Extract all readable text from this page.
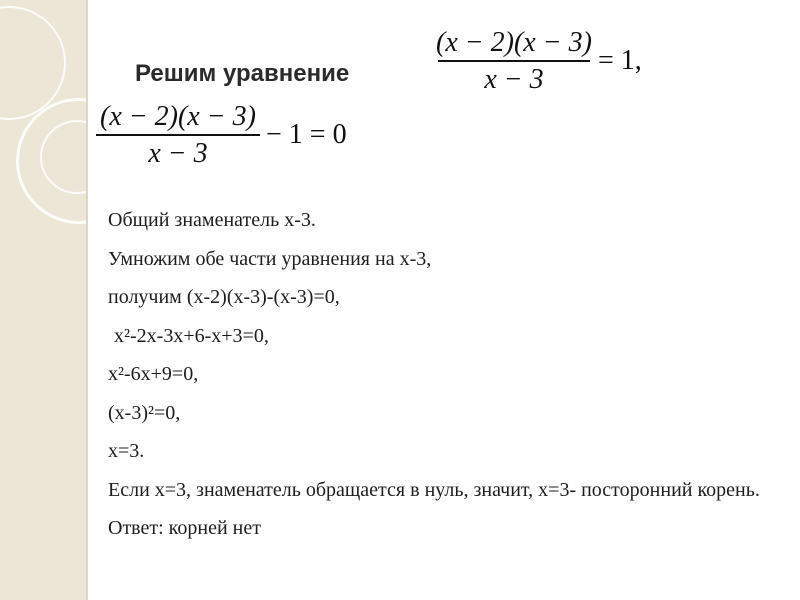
Решим уравнение	$\frac{(x - 2)(x - 3)}{x - 3} = 1$,
$\frac{(x - 2)(x - 3)}{x - 3} - 1 = 0$
Общий знаменатель х-3.
Умножим обе части уравнения на х-3,
получим (х-2)(х-3)-(х-3)=0,
х²-2х-3х+6-х+3=0,
х²-6х+9=0,
(х-3)²=0,
х=3.
Если х=3, знаменатель обращается в нуль, значит, х=3- посторонний корень.
Ответ: корней нет
